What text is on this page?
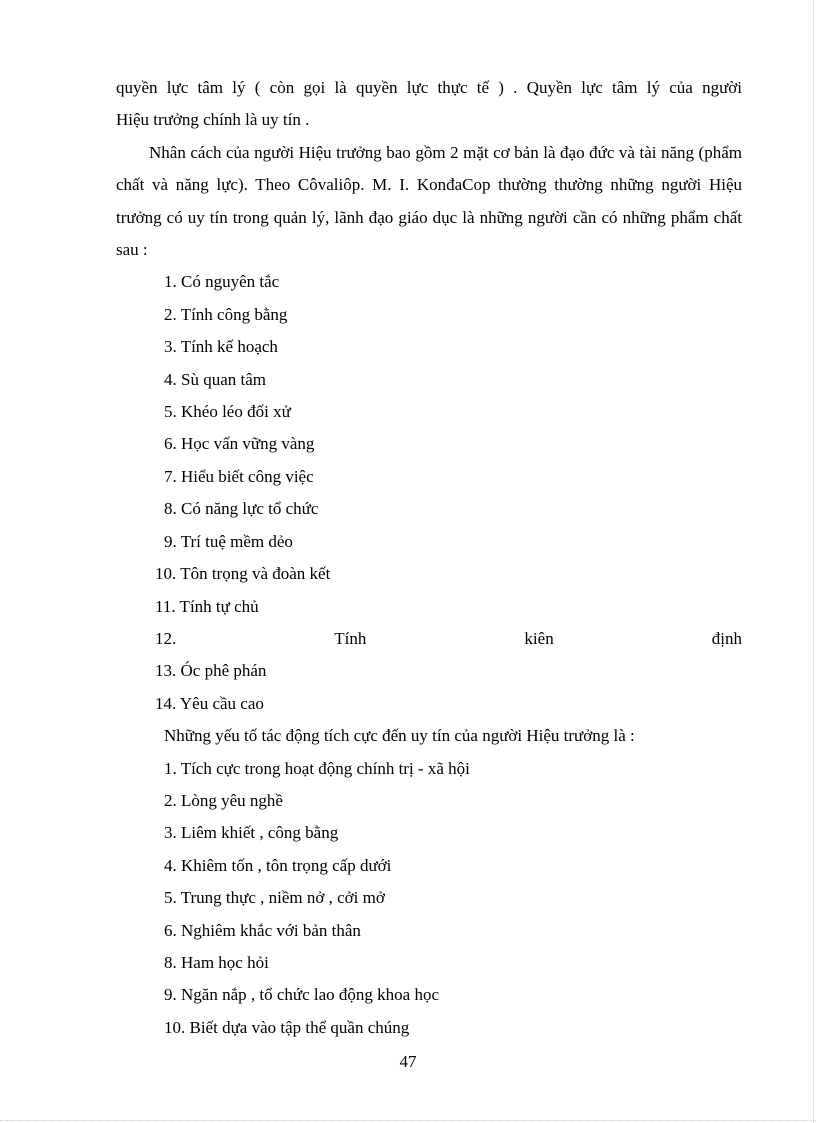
quyền lực tâm lý ( còn gọi là quyền lực thực tế ) . Quyền lực tâm lý của người

Hiệu trưởng chính là uy tín .

Nhân cách của người Hiệu trưởng bao gồm 2 mặt cơ bản là đạo đức và tài năng (phẩm chất và năng lực). Theo Côvaliôp. M. I. KonđaCop thường thường những người Hiệu trưởng có uy tín trong quản lý, lãnh đạo giáo dục là những người cần có những phẩm chất sau :

1. Có nguyên tắc
2. Tính công bằng
3. Tính kế hoạch
4. Sù quan tâm
5. Khéo léo đối xử
6. Học vấn vững vàng
7. Hiểu biết công việc
8. Có năng lực tổ chức
9. Trí tuệ mềm dẻo
10. Tôn trọng và đoàn kết
11. Tính tự chủ
12.	Tính	kiên	định
13. Óc phê phán
14. Yêu cầu cao

Những yếu tố tác động tích cực đến uy tín của người Hiệu trưởng là :

1. Tích cực trong hoạt động chính trị - xã hội
2. Lòng yêu nghề
3. Liêm khiết , công bằng
4. Khiêm tốn , tôn trọng cấp dưới
5. Trung thực , niềm nở , cởi mở
6. Nghiêm khắc với bản thân
8. Ham học hỏi
9. Ngăn nắp , tổ chức lao động khoa học
10. Biết dựa vào tập thể quần chúng
47
